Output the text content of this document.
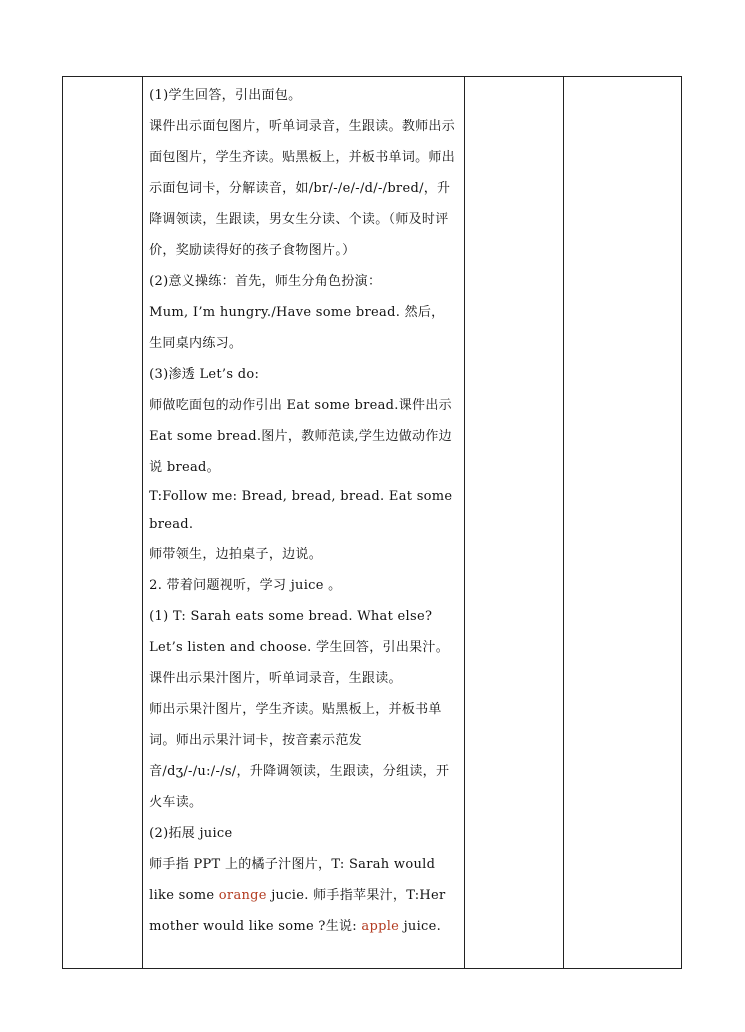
(1)学生回答，引出面包。

课件出示面包图片，听单词录音，生跟读。教师出示面包图片，学生齐读。贴黑板上，并板书单词。师出示面包词卡，分解读音，如/br/-/e/-/d/-/bred/，升降调领读，生跟读，男女生分读、个读。（师及时评价，奖励读得好的孩子食物图片。）

(2)意义操练：首先，师生分角色扮演：

Mum, I’m hungry./Have some bread. 然后，生同桌内练习。

(3)渗透 Let’s do:

师做吃面包的动作引出 Eat some bread.课件出示 Eat some bread.图片，教师范读,学生边做动作边说 bread。

T:Follow me: Bread, bread, bread. Eat some bread.

师带领生，边拍桌子，边说。

2. 带着问题视听，学习 juice 。

(1) T: Sarah eats some bread. What else? Let’s listen and choose. 学生回答，引出果汁。课件出示果汁图片，听单词录音，生跟读。

师出示果汁图片，学生齐读。贴黑板上，并板书单词。师出示果汁词卡，按音素示范发音/dʒ/-/u:/-/s/，升降调领读，生跟读，分组读，开火车读。

(2)拓展 juice

师手指 PPT 上的橘子汁图片，T: Sarah would like some orange jucie. 师手指苹果汁，T:Her mother would like some ?生说: apple juice.
